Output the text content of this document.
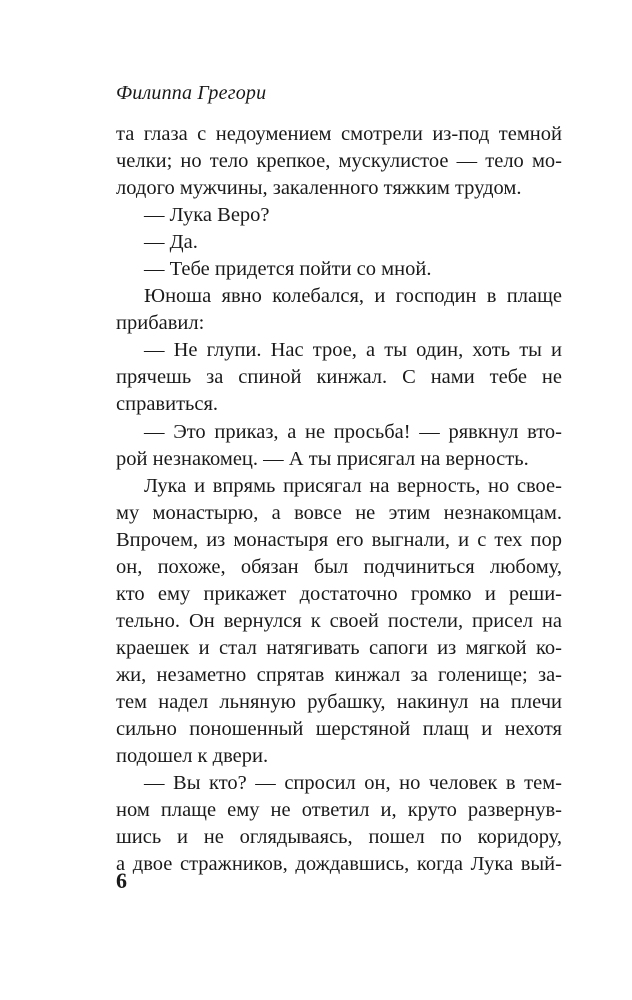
Филиппа Грегори
та глаза с недоумением смотрели из-под темной
челки; но тело крепкое, мускулистое — тело мо-
лодого мужчины, закаленного тяжким трудом.
— Лука Веро?
— Да.
— Тебе придется пойти со мной.
Юноша явно колебался, и господин в плаще
прибавил:
— Не глупи. Нас трое, а ты один, хоть ты и
прячешь за спиной кинжал. С нами тебе не
справиться.
— Это приказ, а не просьба! — рявкнул вто-
рой незнакомец. — А ты присягал на верность.
Лука и впрямь присягал на верность, но свое-
му монастырю, а вовсе не этим незнакомцам.
Впрочем, из монастыря его выгнали, и с тех пор
он, похоже, обязан был подчиниться любому,
кто ему прикажет достаточно громко и реши-
тельно. Он вернулся к своей постели, присел на
краешек и стал натягивать сапоги из мягкой ко-
жи, незаметно спрятав кинжал за голенище; за-
тем надел льняную рубашку, накинул на плечи
сильно поношенный шерстяной плащ и нехотя
подошел к двери.
— Вы кто? — спросил он, но человек в тем-
ном плаще ему не ответил и, круто развернув-
шись и не оглядываясь, пошел по коридору,
а двое стражников, дождавшись, когда Лука вый-
6
